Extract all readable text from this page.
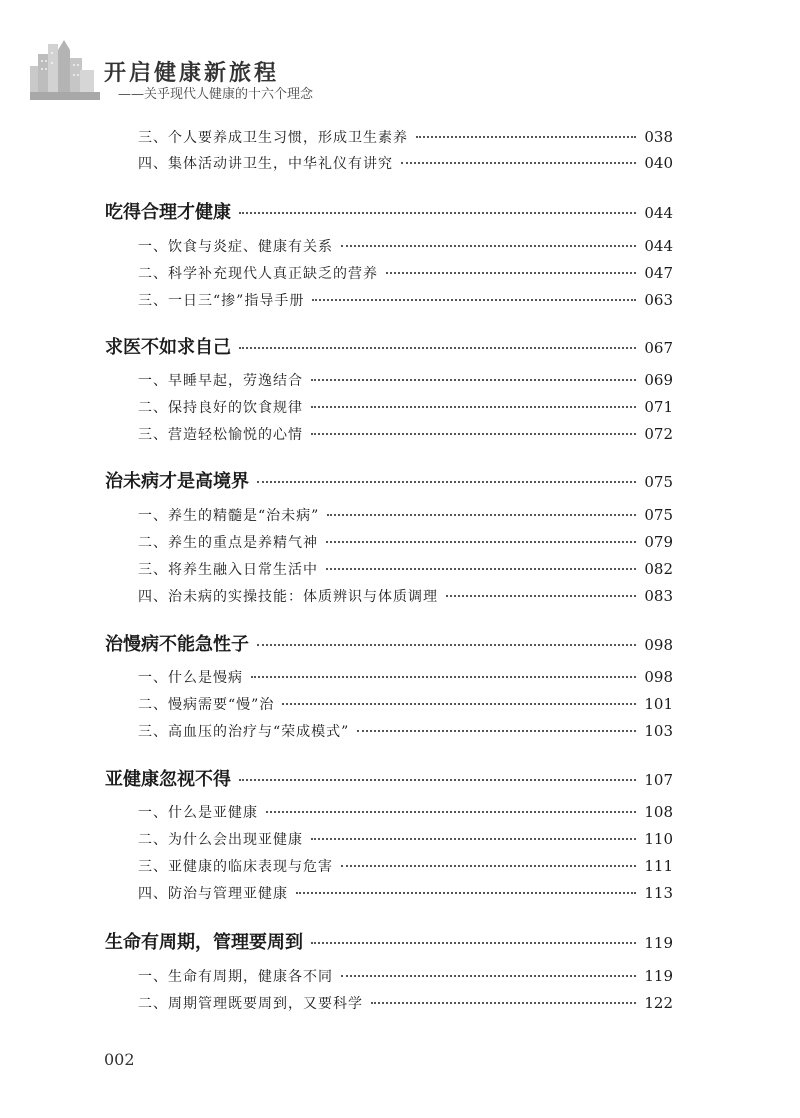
开启健康新旅程
——关乎现代人健康的十六个理念
三、个人要养成卫生习惯，形成卫生素养	038
四、集体活动讲卫生，中华礼仪有讲究	040
吃得合理才健康	044
一、饮食与炎症、健康有关系	044
二、科学补充现代人真正缺乏的营养	047
三、一日三“掺”指导手册	063
求医不如求自己	067
一、早睡早起，劳逸结合	069
二、保持良好的饮食规律	071
三、营造轻松愉悦的心情	072
治未病才是高境界	075
一、养生的精髓是“治未病”	075
二、养生的重点是养精气神	079
三、将养生融入日常生活中	082
四、治未病的实操技能：体质辨识与体质调理	083
治慢病不能急性子	098
一、什么是慢病	098
二、慢病需要“慢”治	101
三、高血压的治疗与“荣成模式”	103
亚健康忽视不得	107
一、什么是亚健康	108
二、为什么会出现亚健康	110
三、亚健康的临床表现与危害	111
四、防治与管理亚健康	113
生命有周期，管理要周到	119
一、生命有周期，健康各不同	119
二、周期管理既要周到，又要科学	122
002
